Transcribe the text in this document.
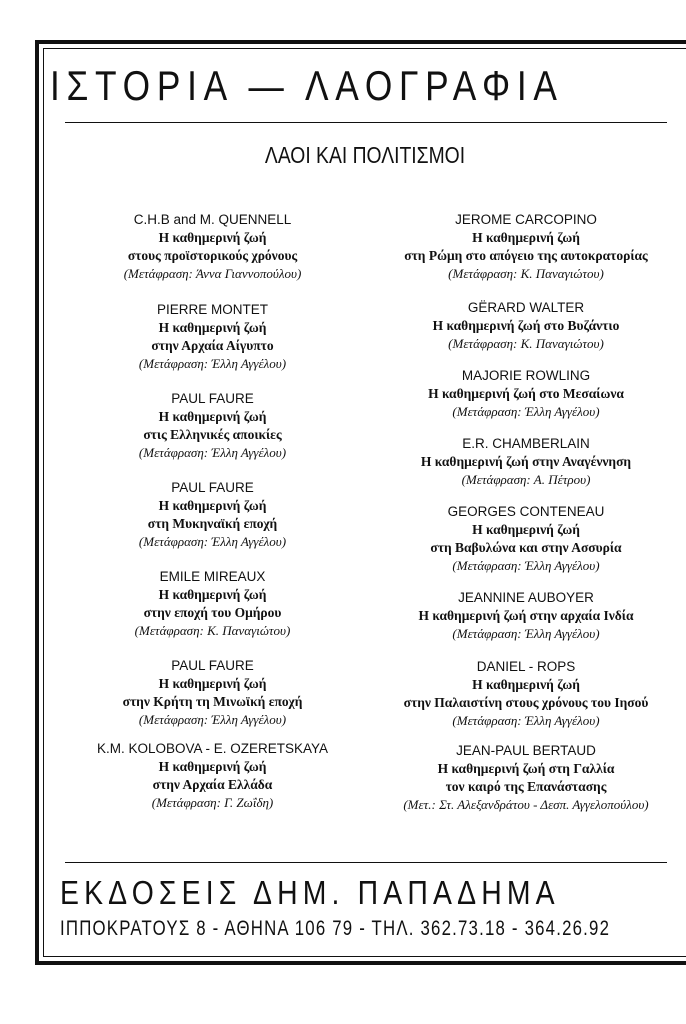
ΙΣΤΟΡΙΑ — ΛΑΟΓΡΑΦΙΑ
ΛΑΟΙ ΚΑΙ ΠΟΛΙΤΙΣΜΟΙ
C.H.B and M. QUENNELL
Η καθημερινή ζωή
στους προϊστορικούς χρόνους
(Μετάφραση: Άννα Γιαννοπούλου)
PIERRE MONTET
Η καθημερινή ζωή
στην Αρχαία Αίγυπτο
(Μετάφραση: Έλλη Αγγέλου)
PAUL FAURE
Η καθημερινή ζωή
στις Ελληνικές αποικίες
(Μετάφραση: Έλλη Αγγέλου)
PAUL FAURE
Η καθημερινή ζωή
στη Μυκηναϊκή εποχή
(Μετάφραση: Έλλη Αγγέλου)
EMILE MIREAUX
Η καθημερινή ζωή
στην εποχή του Ομήρου
(Μετάφραση: Κ. Παναγιώτου)
PAUL FAURE
Η καθημερινή ζωή
στην Κρήτη τη Μινωϊκή εποχή
(Μετάφραση: Έλλη Αγγέλου)
K.M. KOLOBOVA - E. OZERETSKAYA
Η καθημερινή ζωή
στην Αρχαία Ελλάδα
(Μετάφραση: Γ. Ζωΐδη)
JEROME CARCOPINO
Η καθημερινή ζωή
στη Ρώμη στο απόγειο της αυτοκρατορίας
(Μετάφραση: Κ. Παναγιώτου)
GËRARD WALTER
Η καθημερινή ζωή στο Βυζάντιο
(Μετάφραση: Κ. Παναγιώτου)
MAJORIE ROWLING
Η καθημερινή ζωή στο Μεσαίωνα
(Μετάφραση: Έλλη Αγγέλου)
E.R. CHAMBERLAIN
Η καθημερινή ζωή στην Αναγέννηση
(Μετάφραση: Α. Πέτρου)
GEORGES CONTENEAU
Η καθημερινή ζωή
στη Βαβυλώνα και στην Ασσυρία
(Μετάφραση: Έλλη Αγγέλου)
JEANNINE AUBOYER
Η καθημερινή ζωή στην αρχαία Ινδία
(Μετάφραση: Έλλη Αγγέλου)
DANIEL - ROPS
Η καθημερινή ζωή
στην Παλαιστίνη στους χρόνους του Ιησού
(Μετάφραση: Έλλη Αγγέλου)
JEAN-PAUL BERTAUD
Η καθημερινή ζωή στη Γαλλία
τον καιρό της Επανάστασης
(Μετ.: Στ. Αλεξανδράτου - Δεσπ. Αγγελοπούλου)
ΕΚΔΟΣΕΙΣ ΔΗΜ. ΠΑΠΑΔΗΜΑ
ΙΠΠΟΚΡΑΤΟΥΣ 8 - ΑΘΗΝΑ 106 79 - ΤΗΛ. 362.73.18 - 364.26.92
